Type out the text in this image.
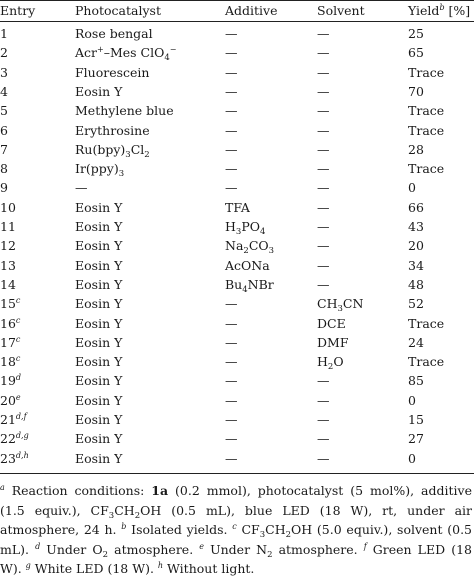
Entry	Photocatalyst	Additive	Solvent	Yield$^b$ [%]
1	Rose bengal	—	—	25
2	Acr+–Mes ClO$_4$−	—	—	65
3	Fluorescein	—	—	Trace
4	Eosin Y	—	—	70
5	Methylene blue	—	—	Trace
6	Erythrosine	—	—	Trace
7	$Ru(bpy)_3Cl_2$	—	—	28
8	$Ir(ppy)_3$	—	—	Trace
9	—	—	—	0
10	Eosin Y	TFA	—	66
11	Eosin Y	$H_3PO_4$	—	43
12	Eosin Y	$Na_2CO_3$	—	20
13	Eosin Y	AcONa	—	34
14	Eosin Y	$Bu_4NBr$	—	48
15$^c$	Eosin Y	—	$CH_3CN$	52
16$^c$	Eosin Y	—	DCE	Trace
17$^c$	Eosin Y	—	DMF	24
18$^c$	Eosin Y	—	$H_2O$	Trace
19$^d$	Eosin Y	—	—	85
20e	Eosin Y	—	—	0
21$^{d,f}$	Eosin Y	—	—	15
22$^{d,g}$	Eosin Y	—	—	27
23$^{d,h}$	Eosin Y	—	—	0
$^a$ Reaction conditions: 1a (0.2 mmol), photocatalyst (5 mol%), additive (1.5 equiv.), $CF_3CH_2OH$ (0.5 mL), blue LED (18 W), rt, under air atmosphere, 24 h. $^b$ Isolated yields. $^c$ $CF_3CH_2OH$ (5.0 equiv.), solvent (0.5 mL). $^d$ Under $O_2$ atmosphere. $^e$ Under $N_2$ atmosphere. $^f$ Green LED (18 W). $^g$ White LED (18 W). $^h$ Without light.
